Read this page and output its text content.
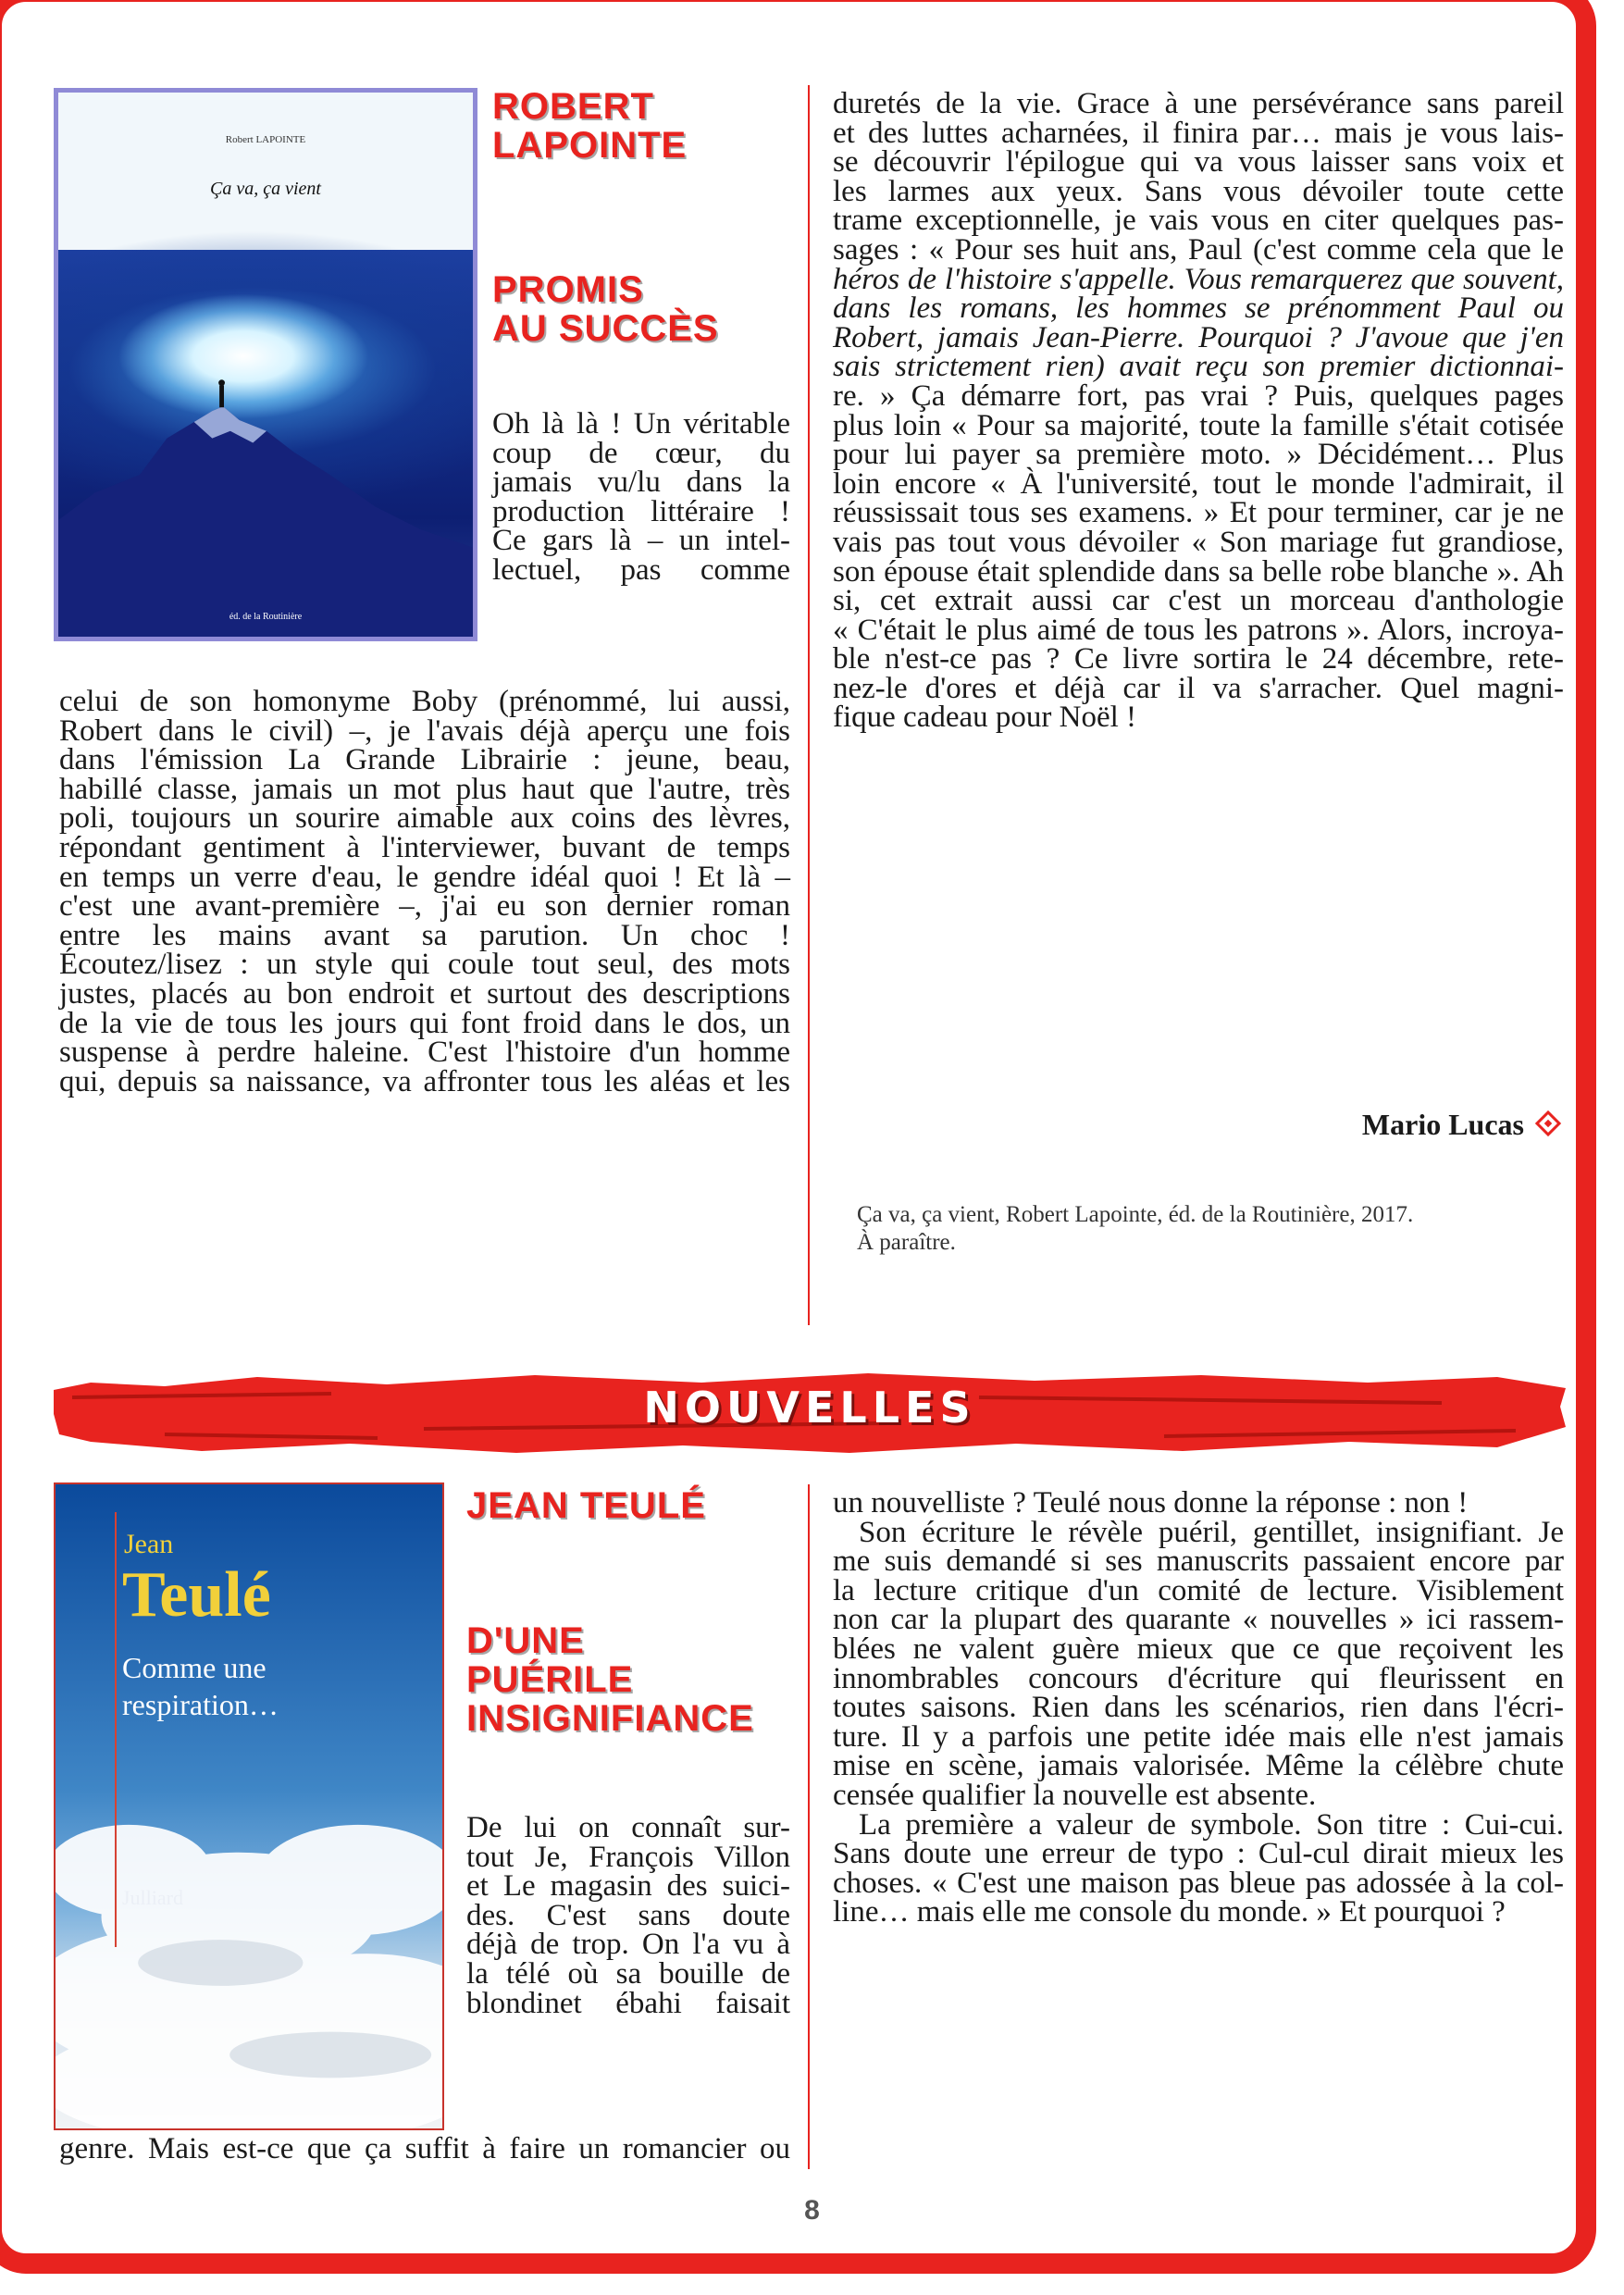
Robert LAPOINTE
Ça va, ça vient
éd. de la Routinière
ROBERT
LAPOINTE
PROMIS
AU SUCCÈS
Oh là là ! Un véritable
coup de cœur, du
jamais vu/lu dans la
production littéraire !
Ce gars là – un intel-
lectuel, pas comme
celui de son homonyme Boby (prénommé, lui aussi,
Robert dans le civil) –, je l'avais déjà aperçu une fois
dans l'émission La Grande Librairie : jeune, beau,
habillé classe, jamais un mot plus haut que l'autre, très
poli, toujours un sourire aimable aux coins des lèvres,
répondant gentiment à l'interviewer, buvant de temps
en temps un verre d'eau, le gendre idéal quoi ! Et là –
c'est une avant-première –, j'ai eu son dernier roman
entre les mains avant sa parution. Un choc !
Écoutez/lisez : un style qui coule tout seul, des mots
justes, placés au bon endroit et surtout des descriptions
de la vie de tous les jours qui font froid dans le dos, un
suspense à perdre haleine. C'est l'histoire d'un homme
qui, depuis sa naissance, va affronter tous les aléas et les
duretés de la vie. Grace à une persévérance sans pareil
et des luttes acharnées, il finira par… mais je vous lais-
se découvrir l'épilogue qui va vous laisser sans voix et
les larmes aux yeux. Sans vous dévoiler toute cette
trame exceptionnelle, je vais vous en citer quelques pas-
sages : « Pour ses huit ans, Paul (c'est comme cela que le
héros de l'histoire s'appelle. Vous remarquerez que souvent,
dans les romans, les hommes se prénomment Paul ou
Robert, jamais Jean-Pierre. Pourquoi ? J'avoue que j'en
sais strictement rien) avait reçu son premier dictionnai-
re. » Ça démarre fort, pas vrai ? Puis, quelques pages
plus loin « Pour sa majorité, toute la famille s'était cotisée
pour lui payer sa première moto. » Décidément… Plus
loin encore « À l'université, tout le monde l'admirait, il
réussissait tous ses examens. » Et pour terminer, car je ne
vais pas tout vous dévoiler « Son mariage fut grandiose,
son épouse était splendide dans sa belle robe blanche ». Ah
si, cet extrait aussi car c'est un morceau d'anthologie
« C'était le plus aimé de tous les patrons ». Alors, incroya-
ble n'est-ce pas ? Ce livre sortira le 24 décembre, rete-
nez-le d'ores et déjà car il va s'arracher. Quel magni-
fique cadeau pour Noël !
Mario Lucas
Ça va, ça vient, Robert Lapointe, éd. de la Routinière, 2017.
À paraître.
NOUVELLES
Jean
Teulé
Comme une
respiration…
Julliard
JEAN TEULÉ
D'UNE
PUÉRILE
INSIGNIFIANCE
De lui on connaît sur-
tout Je, François Villon
et Le magasin des suici-
des. C'est sans doute
déjà de trop. On l'a vu à
la télé où sa bouille de
blondinet ébahi faisait
genre. Mais est-ce que ça suffit à faire un romancier ou
un nouvelliste ? Teulé nous donne la réponse : non !
Son écriture le révèle puéril, gentillet, insignifiant. Je
me suis demandé si ses manuscrits passaient encore par
la lecture critique d'un comité de lecture. Visiblement
non car la plupart des quarante « nouvelles » ici rassem-
blées ne valent guère mieux que ce que reçoivent les
innombrables concours d'écriture qui fleurissent en
toutes saisons. Rien dans les scénarios, rien dans l'écri-
ture. Il y a parfois une petite idée mais elle n'est jamais
mise en scène, jamais valorisée. Même la célèbre chute
censée qualifier la nouvelle est absente.
La première a valeur de symbole. Son titre : Cui-cui.
Sans doute une erreur de typo : Cul-cul dirait mieux les
choses. « C'est une maison pas bleue pas adossée à la col-
line… mais elle me console du monde. » Et pourquoi ?
8
